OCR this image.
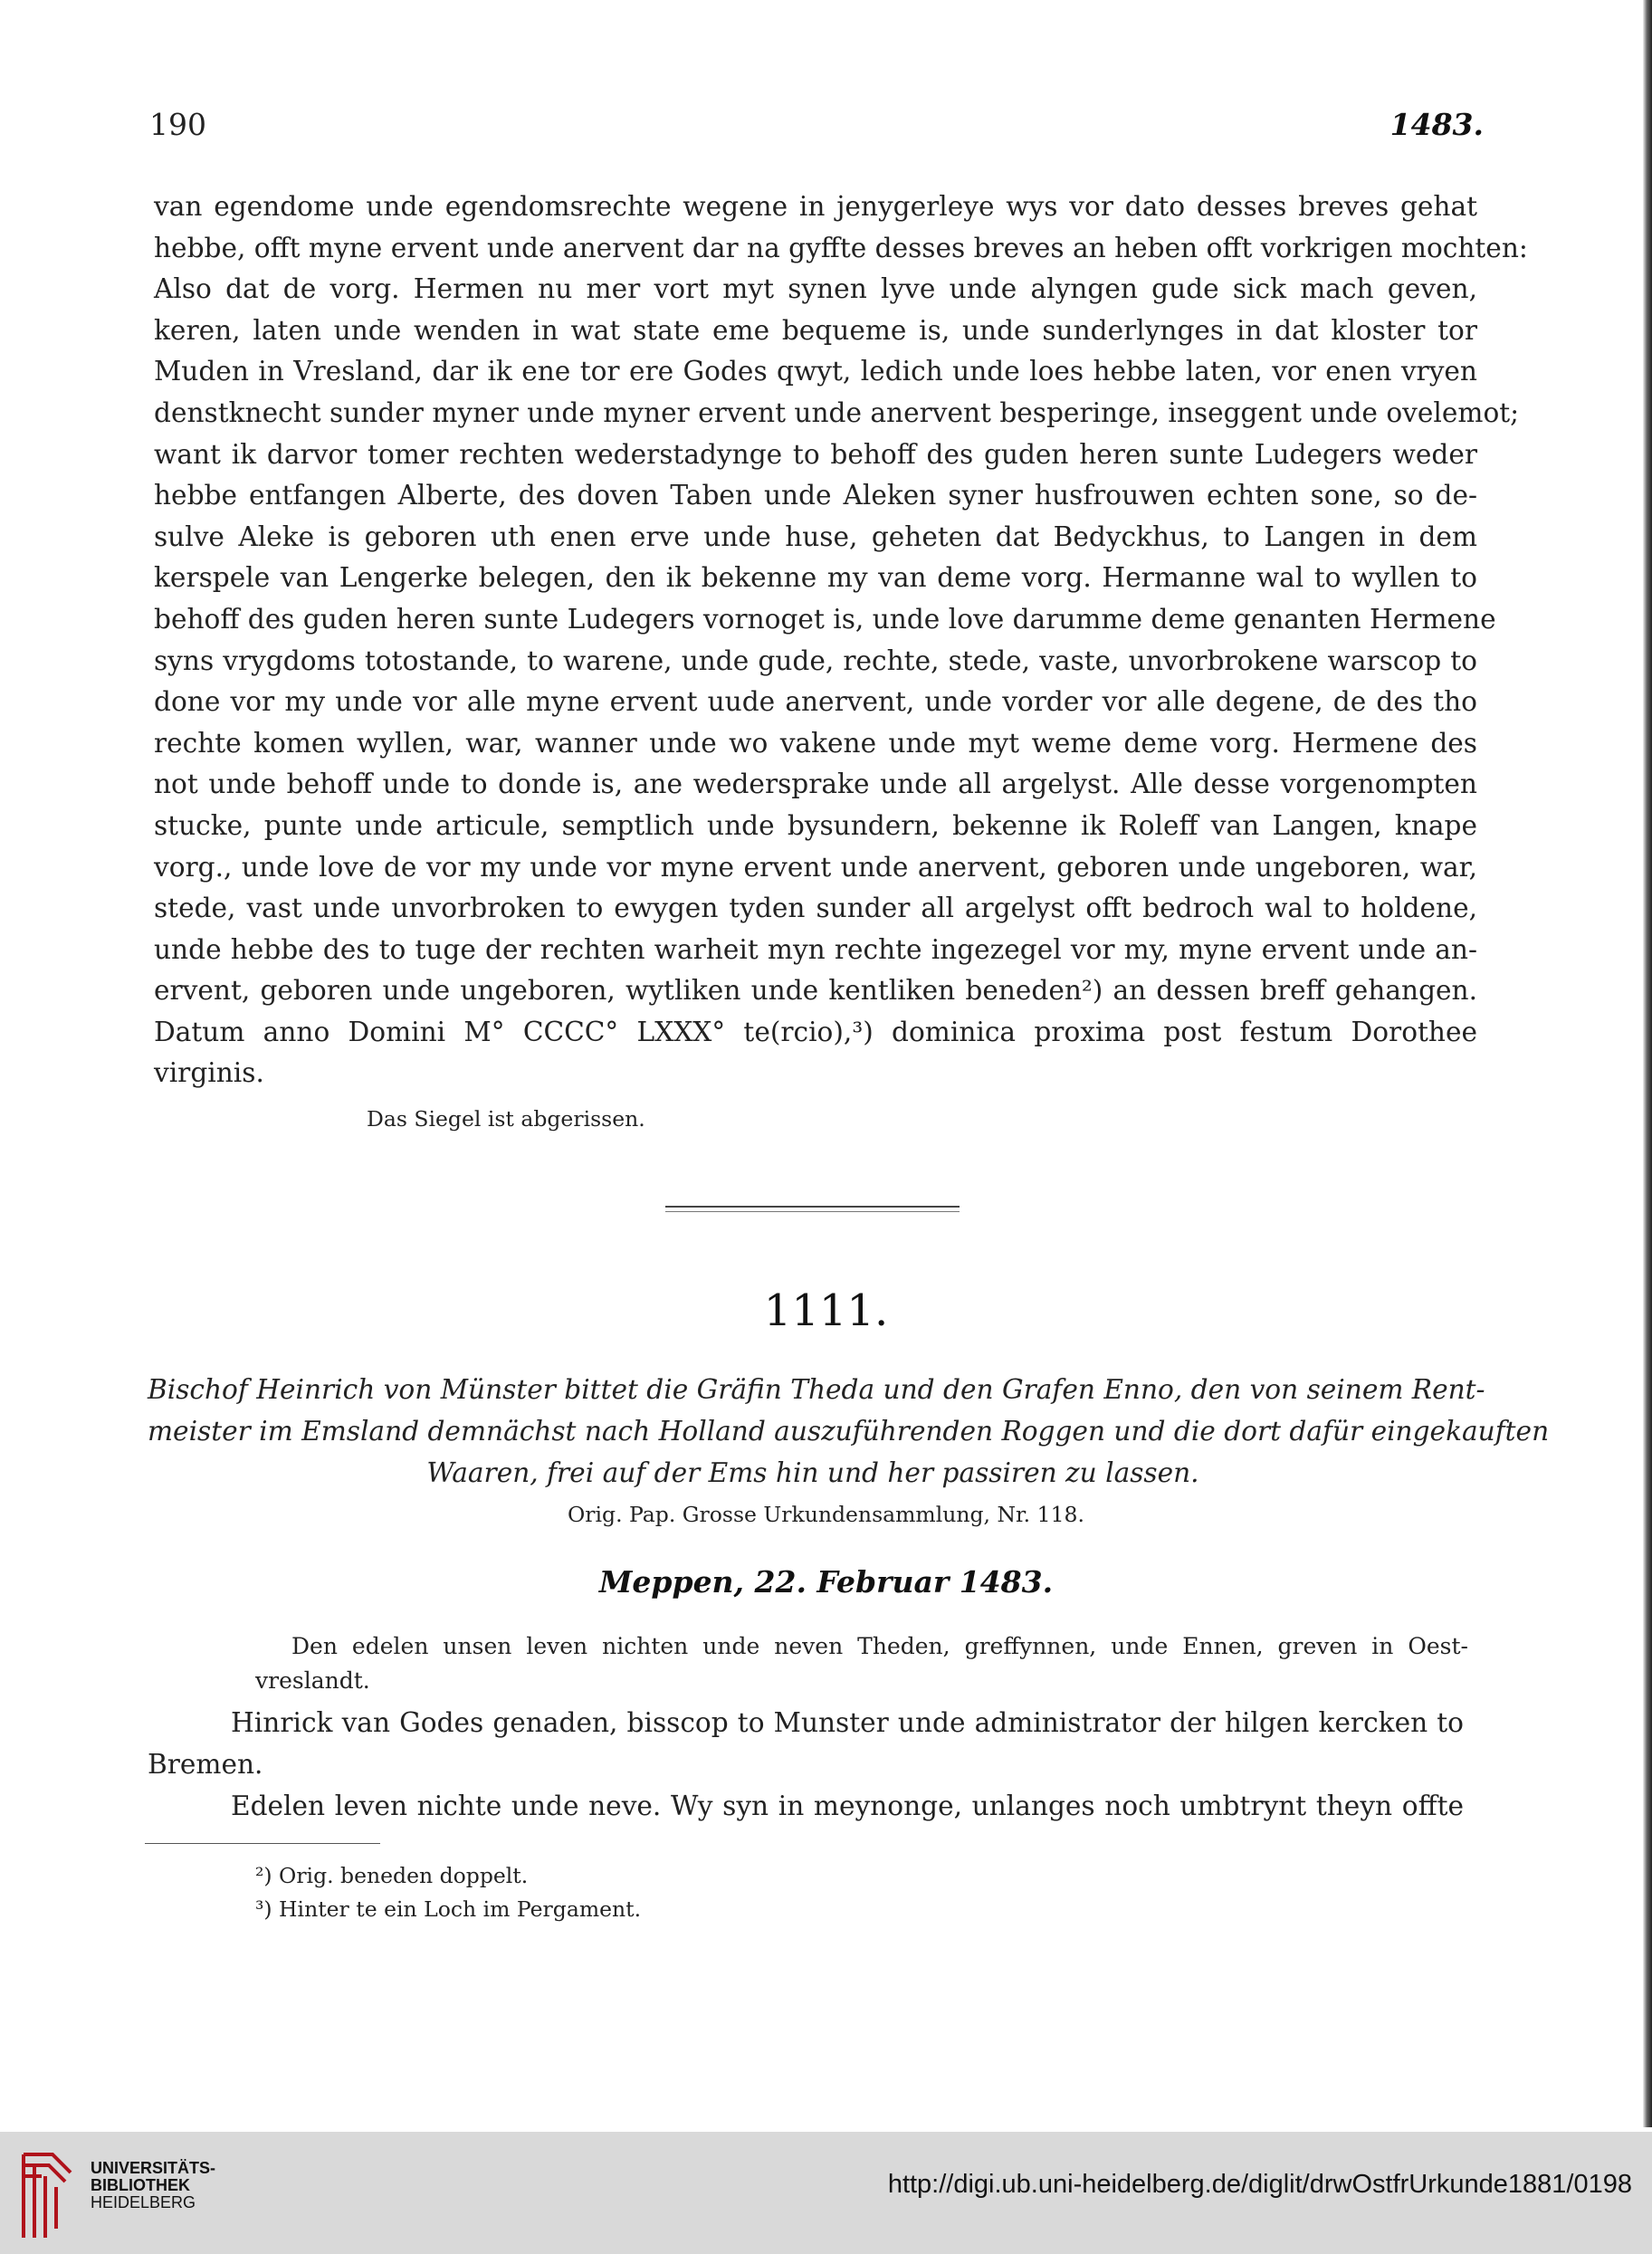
190	1483.
van egendome unde egendomsrechte wegene in jenygerleye wys vor dato desses breves gehat
hebbe, offt myne ervent unde anervent dar na gyffte desses breves an heben offt vorkrigen mochten:
Also dat de vorg. Hermen nu mer vort myt synen lyve unde alyngen gude sick mach geven,
keren, laten unde wenden in wat state eme bequeme is, unde sunderlynges in dat kloster tor
Muden in Vresland, dar ik ene tor ere Godes qwyt, ledich unde loes hebbe laten, vor enen vryen
denstknecht sunder myner unde myner ervent unde anervent besperinge, inseggent unde ovelemot;
want ik darvor tomer rechten wederstadynge to behoff des guden heren sunte Ludegers weder
hebbe entfangen Alberte, des doven Taben unde Aleken syner husfrouwen echten sone, so de-
sulve Aleke is geboren uth enen erve unde huse, geheten dat Bedyckhus, to Langen in dem
kerspele van Lengerke belegen, den ik bekenne my van deme vorg. Hermanne wal to wyllen to
behoff des guden heren sunte Ludegers vornoget is, unde love darumme deme genanten Hermene
syns vrygdoms totostande, to warene, unde gude, rechte, stede, vaste, unvorbrokene warscop to
done vor my unde vor alle myne ervent uude anervent, unde vorder vor alle degene, de des tho
rechte komen wyllen, war, wanner unde wo vakene unde myt weme deme vorg. Hermene des
not unde behoff unde to donde is, ane wedersprake unde all argelyst. Alle desse vorgenompten
stucke, punte unde articule, semptlich unde bysundern, bekenne ik Roleff van Langen, knape
vorg., unde love de vor my unde vor myne ervent unde anervent, geboren unde ungeboren, war,
stede, vast unde unvorbroken to ewygen tyden sunder all argelyst offt bedroch wal to holdene,
unde hebbe des to tuge der rechten warheit myn rechte ingezegel vor my, myne ervent unde an-
ervent, geboren unde ungeboren, wytliken unde kentliken beneden²) an dessen breff gehangen.
Datum anno Domini M° CCCC° LXXX° te(rcio),³) dominica proxima post festum Dorothee
virginis.
Das Siegel ist abgerissen.
1111.
Bischof Heinrich von Münster bittet die Gräfin Theda und den Grafen Enno, den von seinem Rent-
meister im Emsland demnächst nach Holland auszuführenden Roggen und die dort dafür eingekauften
Waaren, frei auf der Ems hin und her passiren zu lassen.
Orig. Pap. Grosse Urkundensammlung, Nr. 118.
Meppen, 22. Februar 1483.
Den edelen unsen leven nichten unde neven Theden, greffynnen, unde Ennen, greven in Oest-
vreslandt.
Hinrick van Godes genaden, bisscop to Munster unde administrator der hilgen kercken to
Bremen.
Edelen leven nichte unde neve. Wy syn in meynonge, unlanges noch umbtrynt theyn offte
²) Orig. beneden doppelt.
³) Hinter te ein Loch im Pergament.
UNIVERSITÄTS-
BIBLIOTHEK
HEIDELBERG
http://digi.ub.uni-heidelberg.de/diglit/drwOstfrUrkunde1881/0198
